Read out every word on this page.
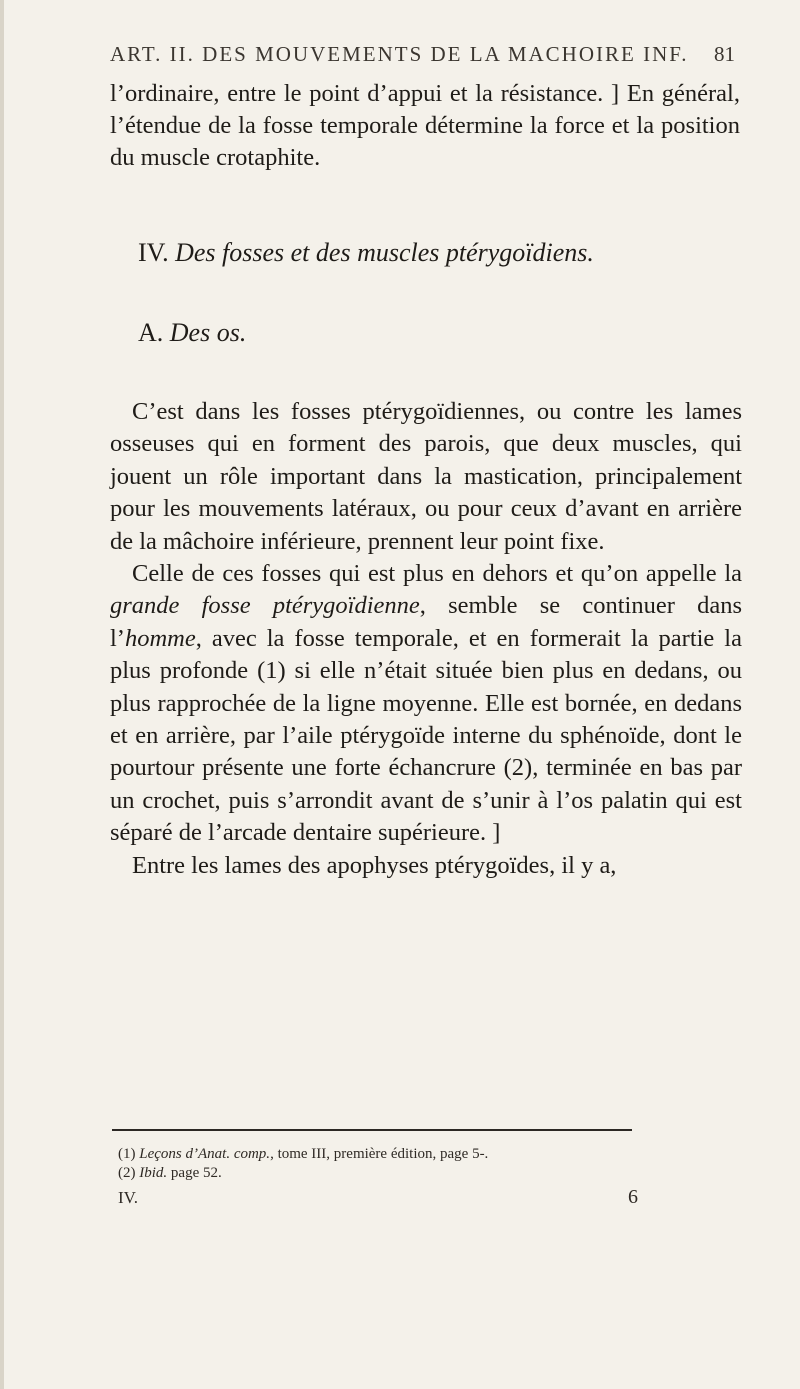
ART. II. DES MOUVEMENTS DE LA MACHOIRE INF. 81

l’ordinaire, entre le point d’appui et la résistance. ] En général, l’étendue de la fosse temporale détermine la force et la position du muscle crotaphite.

IV. Des fosses et des muscles ptérygoïdiens.
A. Des os.

C’est dans les fosses ptérygoïdiennes, ou contre les lames osseuses qui en forment des parois, que deux muscles, qui jouent un rôle important dans la mastication, principalement pour les mouvements latéraux, ou pour ceux d’avant en arrière de la mâchoire inférieure, prennent leur point fixe.

Celle de ces fosses qui est plus en dehors et qu’on appelle la grande fosse ptérygoïdienne, semble se continuer dans l’homme, avec la fosse temporale, et en formerait la partie la plus profonde (1) si elle n’était située bien plus en dedans, ou plus rapprochée de la ligne moyenne. Elle est bornée, en dedans et en arrière, par l’aile ptérygoïde interne du sphénoïde, dont le pourtour présente une forte échancrure (2), terminée en bas par un crochet, puis s’arrondit avant de s’unir à l’os palatin qui est séparé de l’arcade dentaire supérieure. ]

Entre les lames des apophyses ptérygoïdes, il y a,

(1) Leçons d’Anat. comp., tome III, première édition, page 5-.

(2) Ibid. page 52.

IV.	6
